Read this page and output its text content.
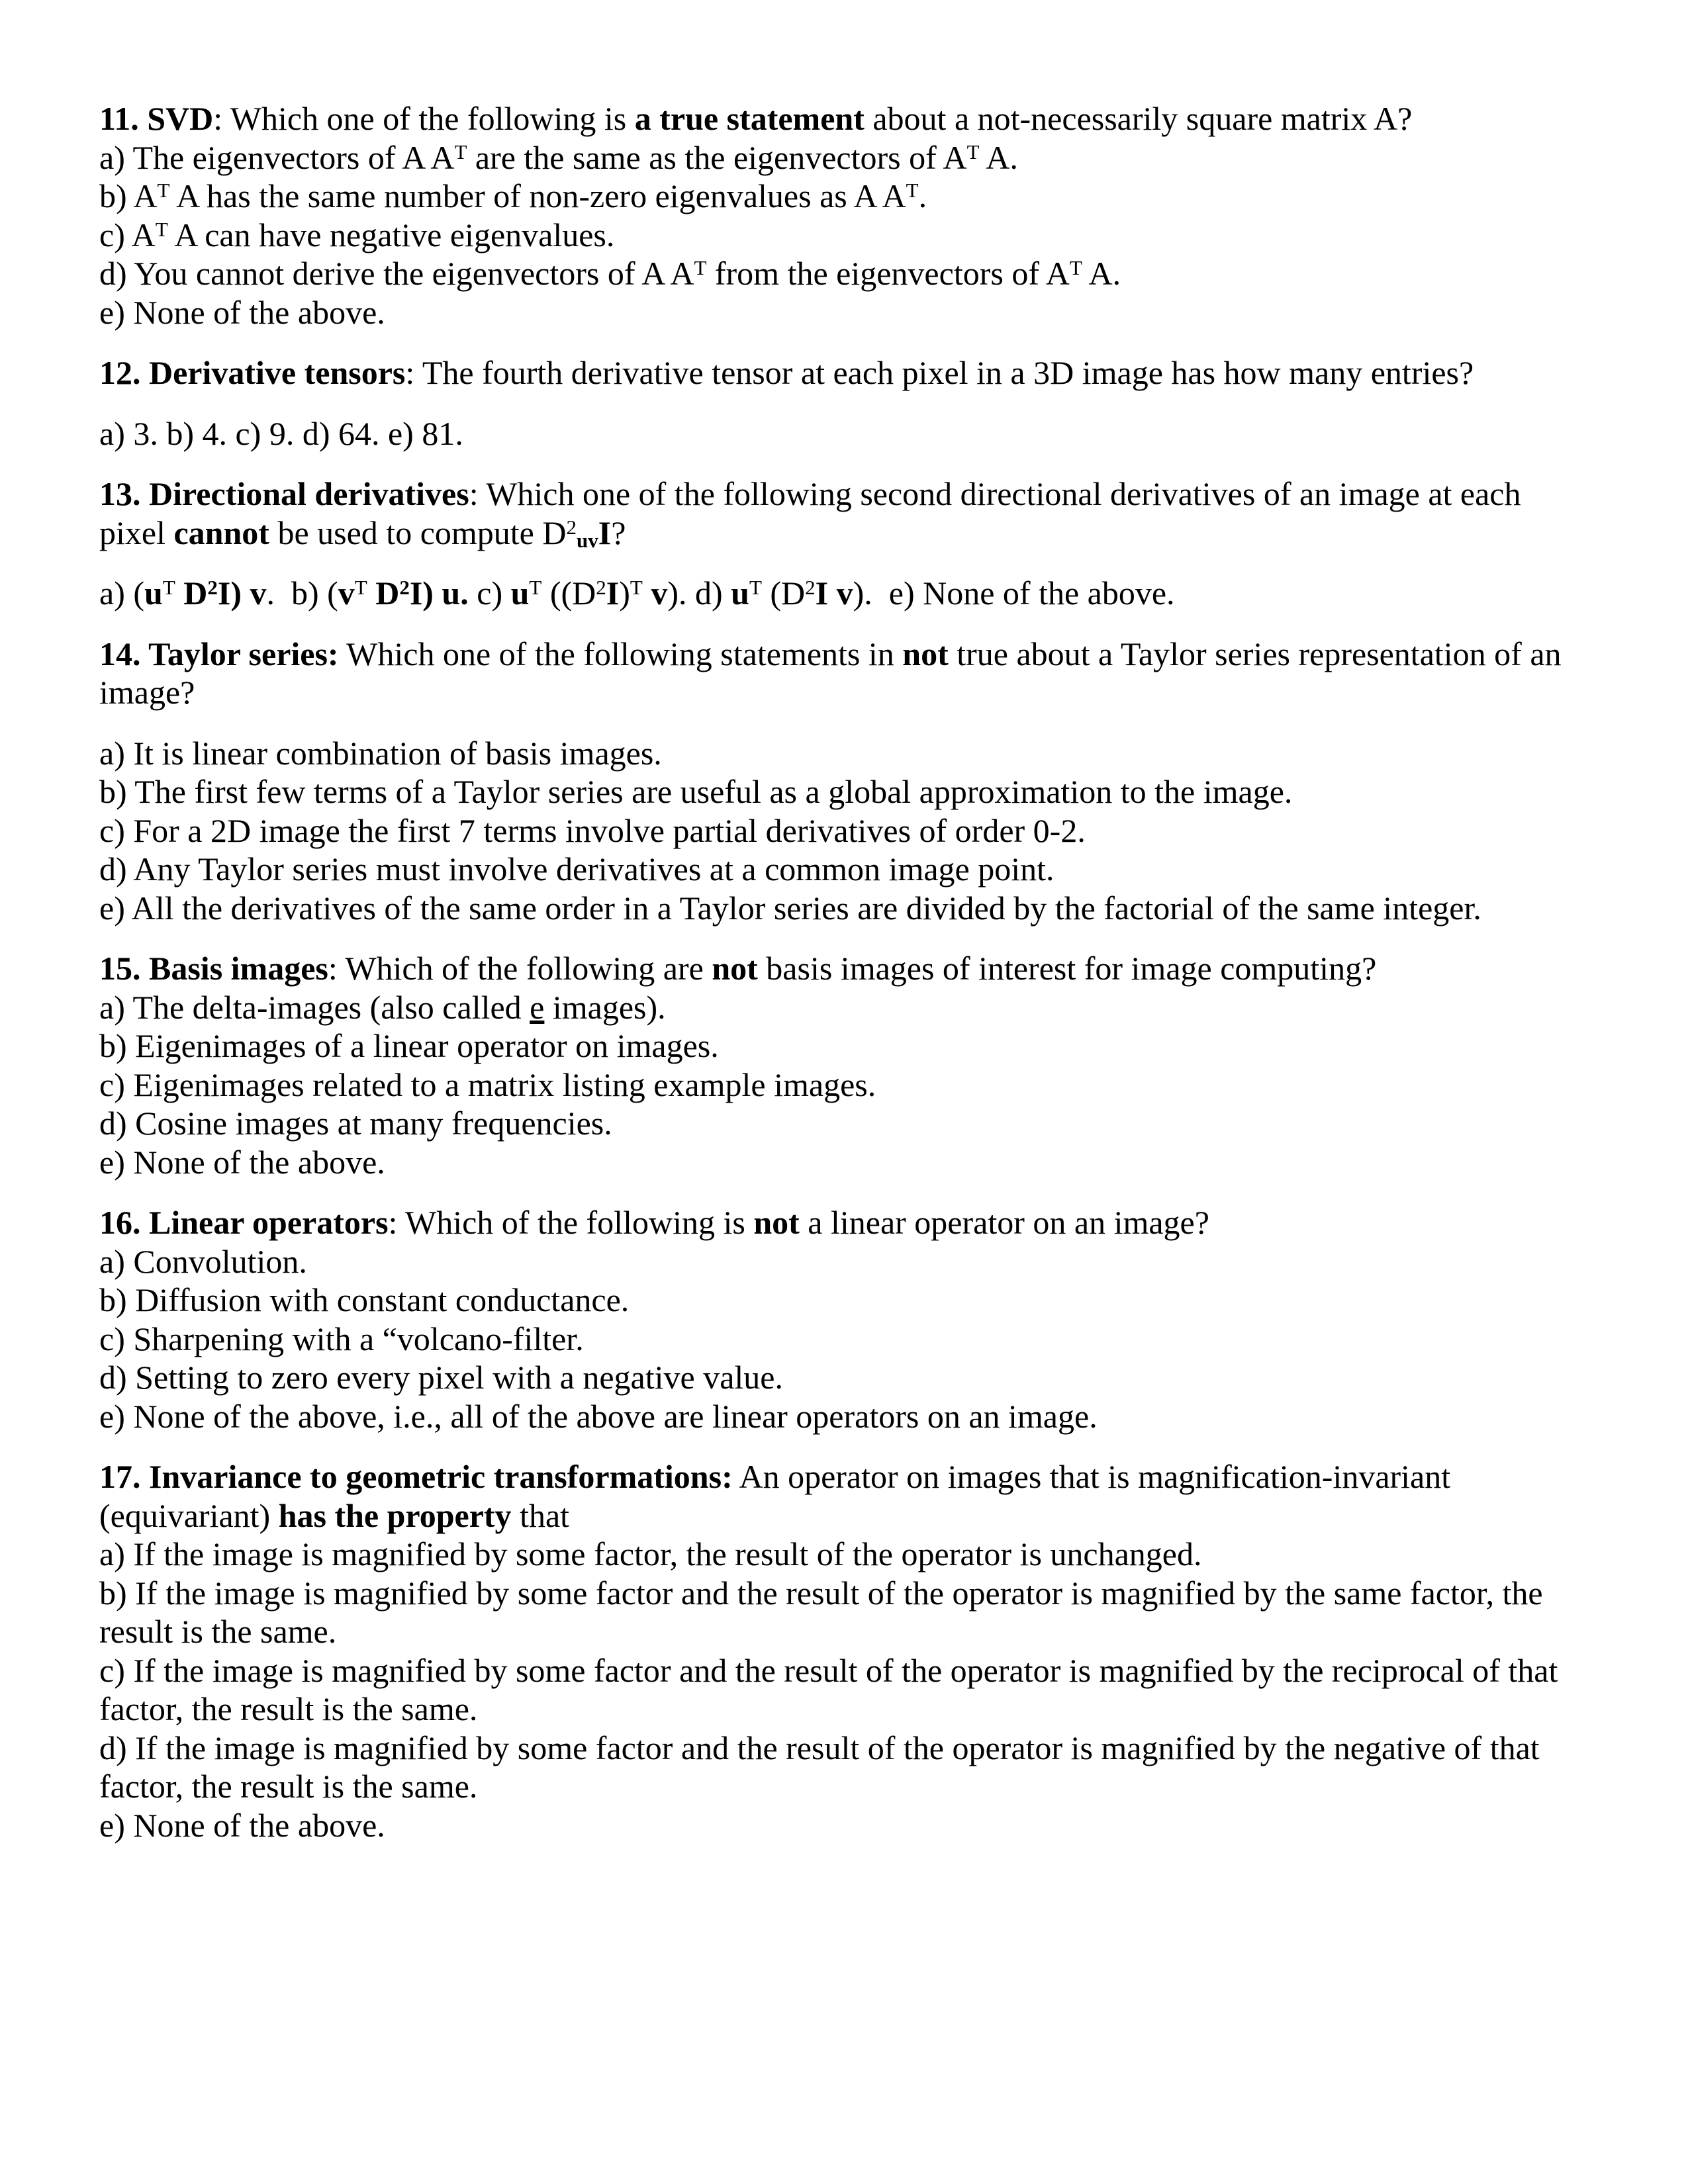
11. SVD: Which one of the following is a true statement about a not-necessarily square matrix A?
a) The eigenvectors of A $A^T$ are the same as the eigenvectors of $A^T$ A.
b) $A^T$ A has the same number of non-zero eigenvalues as A $A^T$.
c) $A^T$ A can have negative eigenvalues.
d) You cannot derive the eigenvectors of A $A^T$ from the eigenvectors of $A^T$ A.
e) None of the above.
12. Derivative tensors: The fourth derivative tensor at each pixel in a 3D image has how many entries?
a) 3. b) 4. c) 9. d) 64. e) 81.
13. Directional derivatives: Which one of the following second directional derivatives of an image at each pixel cannot be used to compute $D^2uvI$?
a) ($u^T$ $D^2I$) v.  b) ($v^T$ $D^2I$) u. c) $u^T$ ($(D^2I)^T$ v). d) $u^T$ ($D^2I$ v).  e) None of the above.
14. Taylor series: Which one of the following statements in not true about a Taylor series representation of an image?
a) It is linear combination of basis images.
b) The first few terms of a Taylor series are useful as a global approximation to the image.
c) For a 2D image the first 7 terms involve partial derivatives of order 0-2.
d) Any Taylor series must involve derivatives at a common image point.
e) All the derivatives of the same order in a Taylor series are divided by the factorial of the same integer.
15. Basis images: Which of the following are not basis images of interest for image computing?
a) The delta-images (also called e images).
b) Eigenimages of a linear operator on images.
c) Eigenimages related to a matrix listing example images.
d) Cosine images at many frequencies.
e) None of the above.
16. Linear operators: Which of the following is not a linear operator on an image?
a) Convolution.
b) Diffusion with constant conductance.
c) Sharpening with a “volcano-filter.
d) Setting to zero every pixel with a negative value.
e) None of the above, i.e., all of the above are linear operators on an image.
17. Invariance to geometric transformations: An operator on images that is magnification-invariant (equivariant) has the property that
a) If the image is magnified by some factor, the result of the operator is unchanged.
b) If the image is magnified by some factor and the result of the operator is magnified by the same factor, the result is the same.
c) If the image is magnified by some factor and the result of the operator is magnified by the reciprocal of that factor, the result is the same.
d) If the image is magnified by some factor and the result of the operator is magnified by the negative of that factor, the result is the same.
e) None of the above.
